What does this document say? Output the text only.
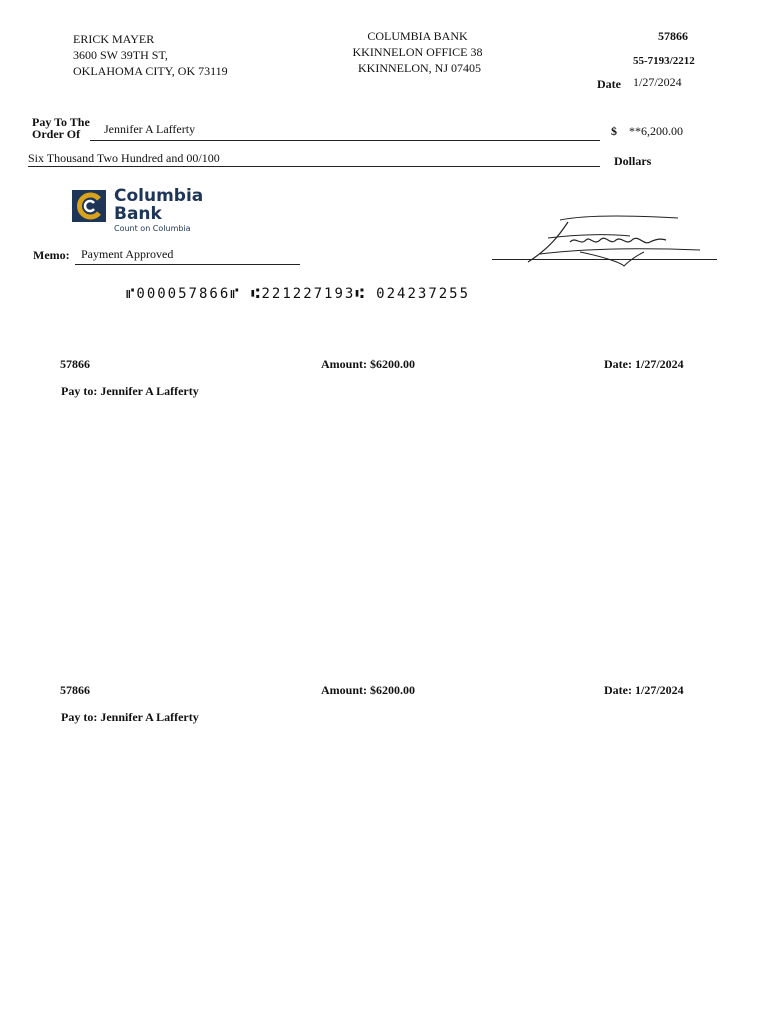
ERICK MAYER
3600 SW 39TH ST,
OKLAHOMA CITY, OK 73119
COLUMBIA BANK
KKINNELON OFFICE 38
KKINNELON, NJ 07405
57866
55-7193/2212
Date 1/27/2024
Pay To The
Order Of Jennifer A Lafferty	$ **6,200.00
Six Thousand Two Hundred and 00/100	Dollars
Columbia
Bank
Count on Columbia
Memo: Payment Approved
⑈000057866⑈ ⑆221227193⑆ 024237255
57866	Amount: $6200.00	Date: 1/27/2024
Pay to: Jennifer A Lafferty
57866	Amount: $6200.00	Date: 1/27/2024
Pay to: Jennifer A Lafferty
